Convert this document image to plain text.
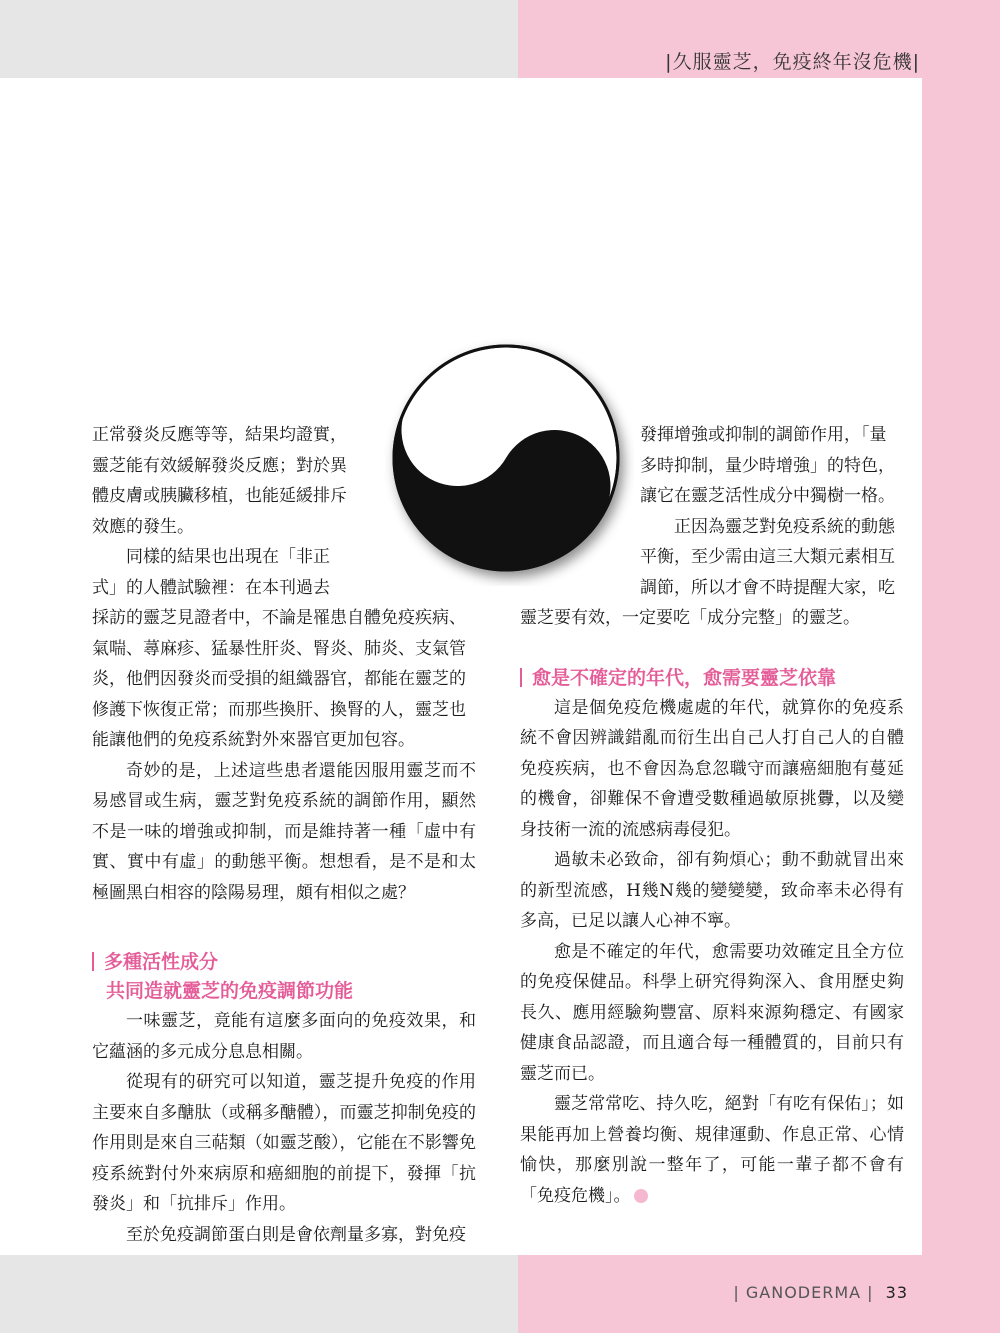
|久服靈芝，免疫終年沒危機|

正常發炎反應等等，結果均證實，

靈芝能有效緩解發炎反應；對於異

體皮膚或胰臟移植，也能延緩排斥

效應的發生。

同樣的結果也出現在「非正

式」的人體試驗裡：在本刊過去

採訪的靈芝見證者中，不論是罹患自體免疫疾病、

氣喘、蕁麻疹、猛暴性肝炎、腎炎、肺炎、支氣管

炎，他們因發炎而受損的組織器官，都能在靈芝的

修護下恢復正常；而那些換肝、換腎的人，靈芝也

能讓他們的免疫系統對外來器官更加包容。

奇妙的是，上述這些患者還能因服用靈芝而不易感冒或生病，靈芝對免疫系統的調節作用，顯然不是一味的增強或抑制，而是維持著一種「虛中有實、實中有虛」的動態平衡。想想看，是不是和太極圖黑白相容的陰陽易理，頗有相似之處？

多種活性成分

共同造就靈芝的免疫調節功能

一味靈芝，竟能有這麼多面向的免疫效果，和它蘊涵的多元成分息息相關。

從現有的研究可以知道，靈芝提升免疫的作用主要來自多醣肽（或稱多醣體），而靈芝抑制免疫的作用則是來自三萜類（如靈芝酸），它能在不影響免疫系統對付外來病原和癌細胞的前提下，發揮「抗發炎」和「抗排斥」作用。

至於免疫調節蛋白則是會依劑量多寡，對免疫

發揮增強或抑制的調節作用，「量

多時抑制，量少時增強」的特色，

讓它在靈芝活性成分中獨樹一格。

正因為靈芝對免疫系統的動態

平衡，至少需由這三大類元素相互

調節，所以才會不時提醒大家，吃

靈芝要有效，一定要吃「成分完整」的靈芝。

愈是不確定的年代，愈需要靈芝依靠

這是個免疫危機處處的年代，就算你的免疫系統不會因辨識錯亂而衍生出自己人打自己人的自體免疫疾病，也不會因為怠忽職守而讓癌細胞有蔓延的機會，卻難保不會遭受數種過敏原挑釁，以及變身技術一流的流感病毒侵犯。

過敏未必致命，卻有夠煩心；動不動就冒出來的新型流感，H幾N幾的變變變，致命率未必得有多高，已足以讓人心神不寧。

愈是不確定的年代，愈需要功效確定且全方位的免疫保健品。科學上研究得夠深入、食用歷史夠長久、應用經驗夠豐富、原料來源夠穩定、有國家健康食品認證，而且適合每一種體質的，目前只有靈芝而已。

靈芝常常吃、持久吃，絕對「有吃有保佑」；如果能再加上營養均衡、規律運動、作息正常、心情愉快，那麼別說一整年了，可能一輩子都不會有「免疫危機」。

| GANODERMA | 33
